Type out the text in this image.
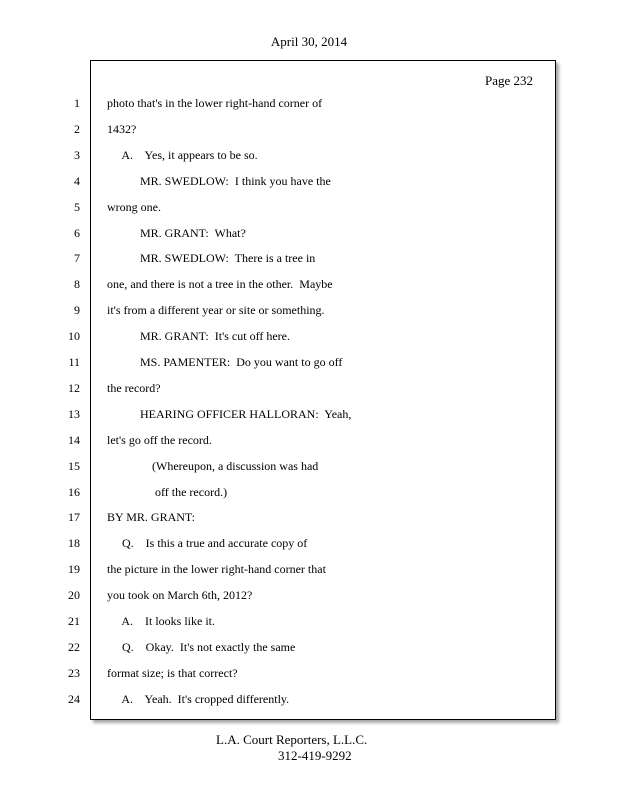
April 30, 2014
Page 232
1 photo that's in the lower right-hand corner of
2 1432?
3 A.    Yes, it appears to be so.
4 MR. SWEDLOW:  I think you have the
5 wrong one.
6 MR. GRANT:  What?
7 MR. SWEDLOW:  There is a tree in
8 one, and there is not a tree in the other.  Maybe
9 it's from a different year or site or something.
10 MR. GRANT:  It's cut off here.
11 MS. PAMENTER:  Do you want to go off
12 the record?
13 HEARING OFFICER HALLORAN:  Yeah,
14 let's go off the record.
15 (Whereupon, a discussion was had
16 off the record.)
17 BY MR. GRANT:
18 Q.    Is this a true and accurate copy of
19 the picture in the lower right-hand corner that
20 you took on March 6th, 2012?
21 A.    It looks like it.
22 Q.    Okay.  It's not exactly the same
23 format size; is that correct?
24 A.    Yeah.  It's cropped differently.
L.A. Court Reporters, L.L.C.
312-419-9292
